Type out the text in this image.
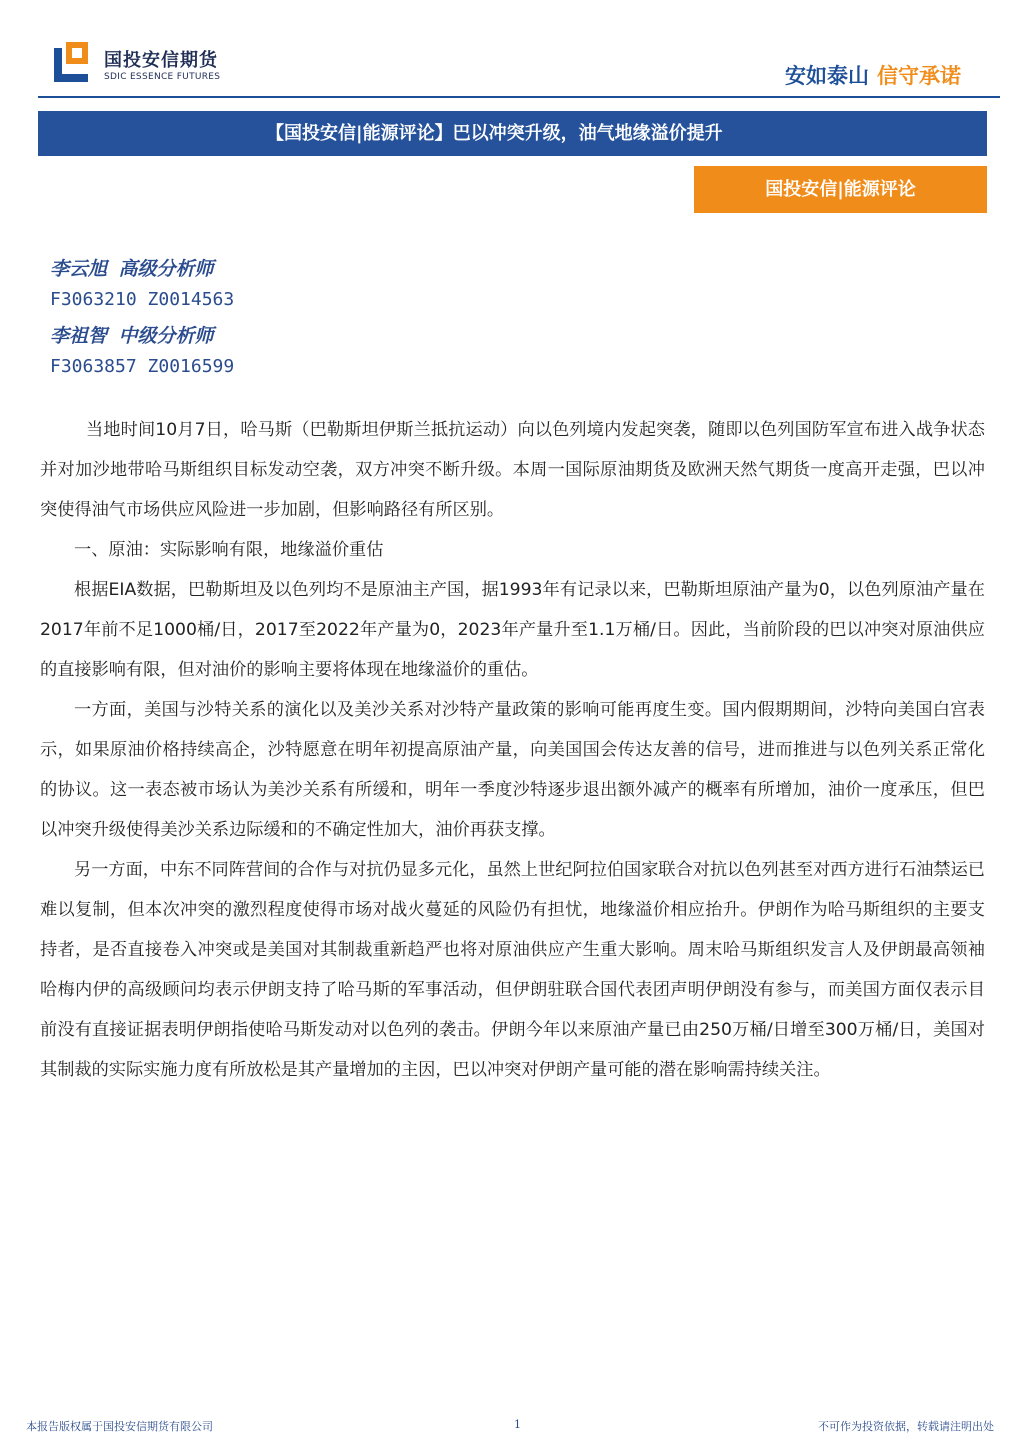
国投安信期货
SDIC ESSENCE FUTURES	安如泰山 信守承诺
【国投安信|能源评论】巴以冲突升级，油气地缘溢价提升
国投安信|能源评论
李云旭 高级分析师
F3063210 Z0014563
李祖智 中级分析师
F3063857 Z0016599

当地时间10月7日，哈马斯（巴勒斯坦伊斯兰抵抗运动）向以色列境内发起突袭，随即以色列国防军宣布进入战争状态并对加沙地带哈马斯组织目标发动空袭，双方冲突不断升级。本周一国际原油期货及欧洲天然气期货一度高开走强，巴以冲突使得油气市场供应风险进一步加剧，但影响路径有所区别。

一、原油：实际影响有限，地缘溢价重估

根据EIA数据，巴勒斯坦及以色列均不是原油主产国，据1993年有记录以来，巴勒斯坦原油产量为0，以色列原油产量在2017年前不足1000桶/日，2017至2022年产量为0，2023年产量升至1.1万桶/日。因此，当前阶段的巴以冲突对原油供应的直接影响有限，但对油价的影响主要将体现在地缘溢价的重估。

一方面，美国与沙特关系的演化以及美沙关系对沙特产量政策的影响可能再度生变。国内假期期间，沙特向美国白宫表示，如果原油价格持续高企，沙特愿意在明年初提高原油产量，向美国国会传达友善的信号，进而推进与以色列关系正常化的协议。这一表态被市场认为美沙关系有所缓和，明年一季度沙特逐步退出额外减产的概率有所增加，油价一度承压，但巴以冲突升级使得美沙关系边际缓和的不确定性加大，油价再获支撑。

另一方面，中东不同阵营间的合作与对抗仍显多元化，虽然上世纪阿拉伯国家联合对抗以色列甚至对西方进行石油禁运已难以复制，但本次冲突的激烈程度使得市场对战火蔓延的风险仍有担忧，地缘溢价相应抬升。伊朗作为哈马斯组织的主要支持者，是否直接卷入冲突或是美国对其制裁重新趋严也将对原油供应产生重大影响。周末哈马斯组织发言人及伊朗最高领袖哈梅内伊的高级顾问均表示伊朗支持了哈马斯的军事活动，但伊朗驻联合国代表团声明伊朗没有参与，而美国方面仅表示目前没有直接证据表明伊朗指使哈马斯发动对以色列的袭击。伊朗今年以来原油产量已由250万桶/日增至300万桶/日，美国对其制裁的实际实施力度有所放松是其产量增加的主因，巴以冲突对伊朗产量可能的潜在影响需持续关注。

本报告版权属于国投安信期货有限公司	1	不可作为投资依据，转载请注明出处
